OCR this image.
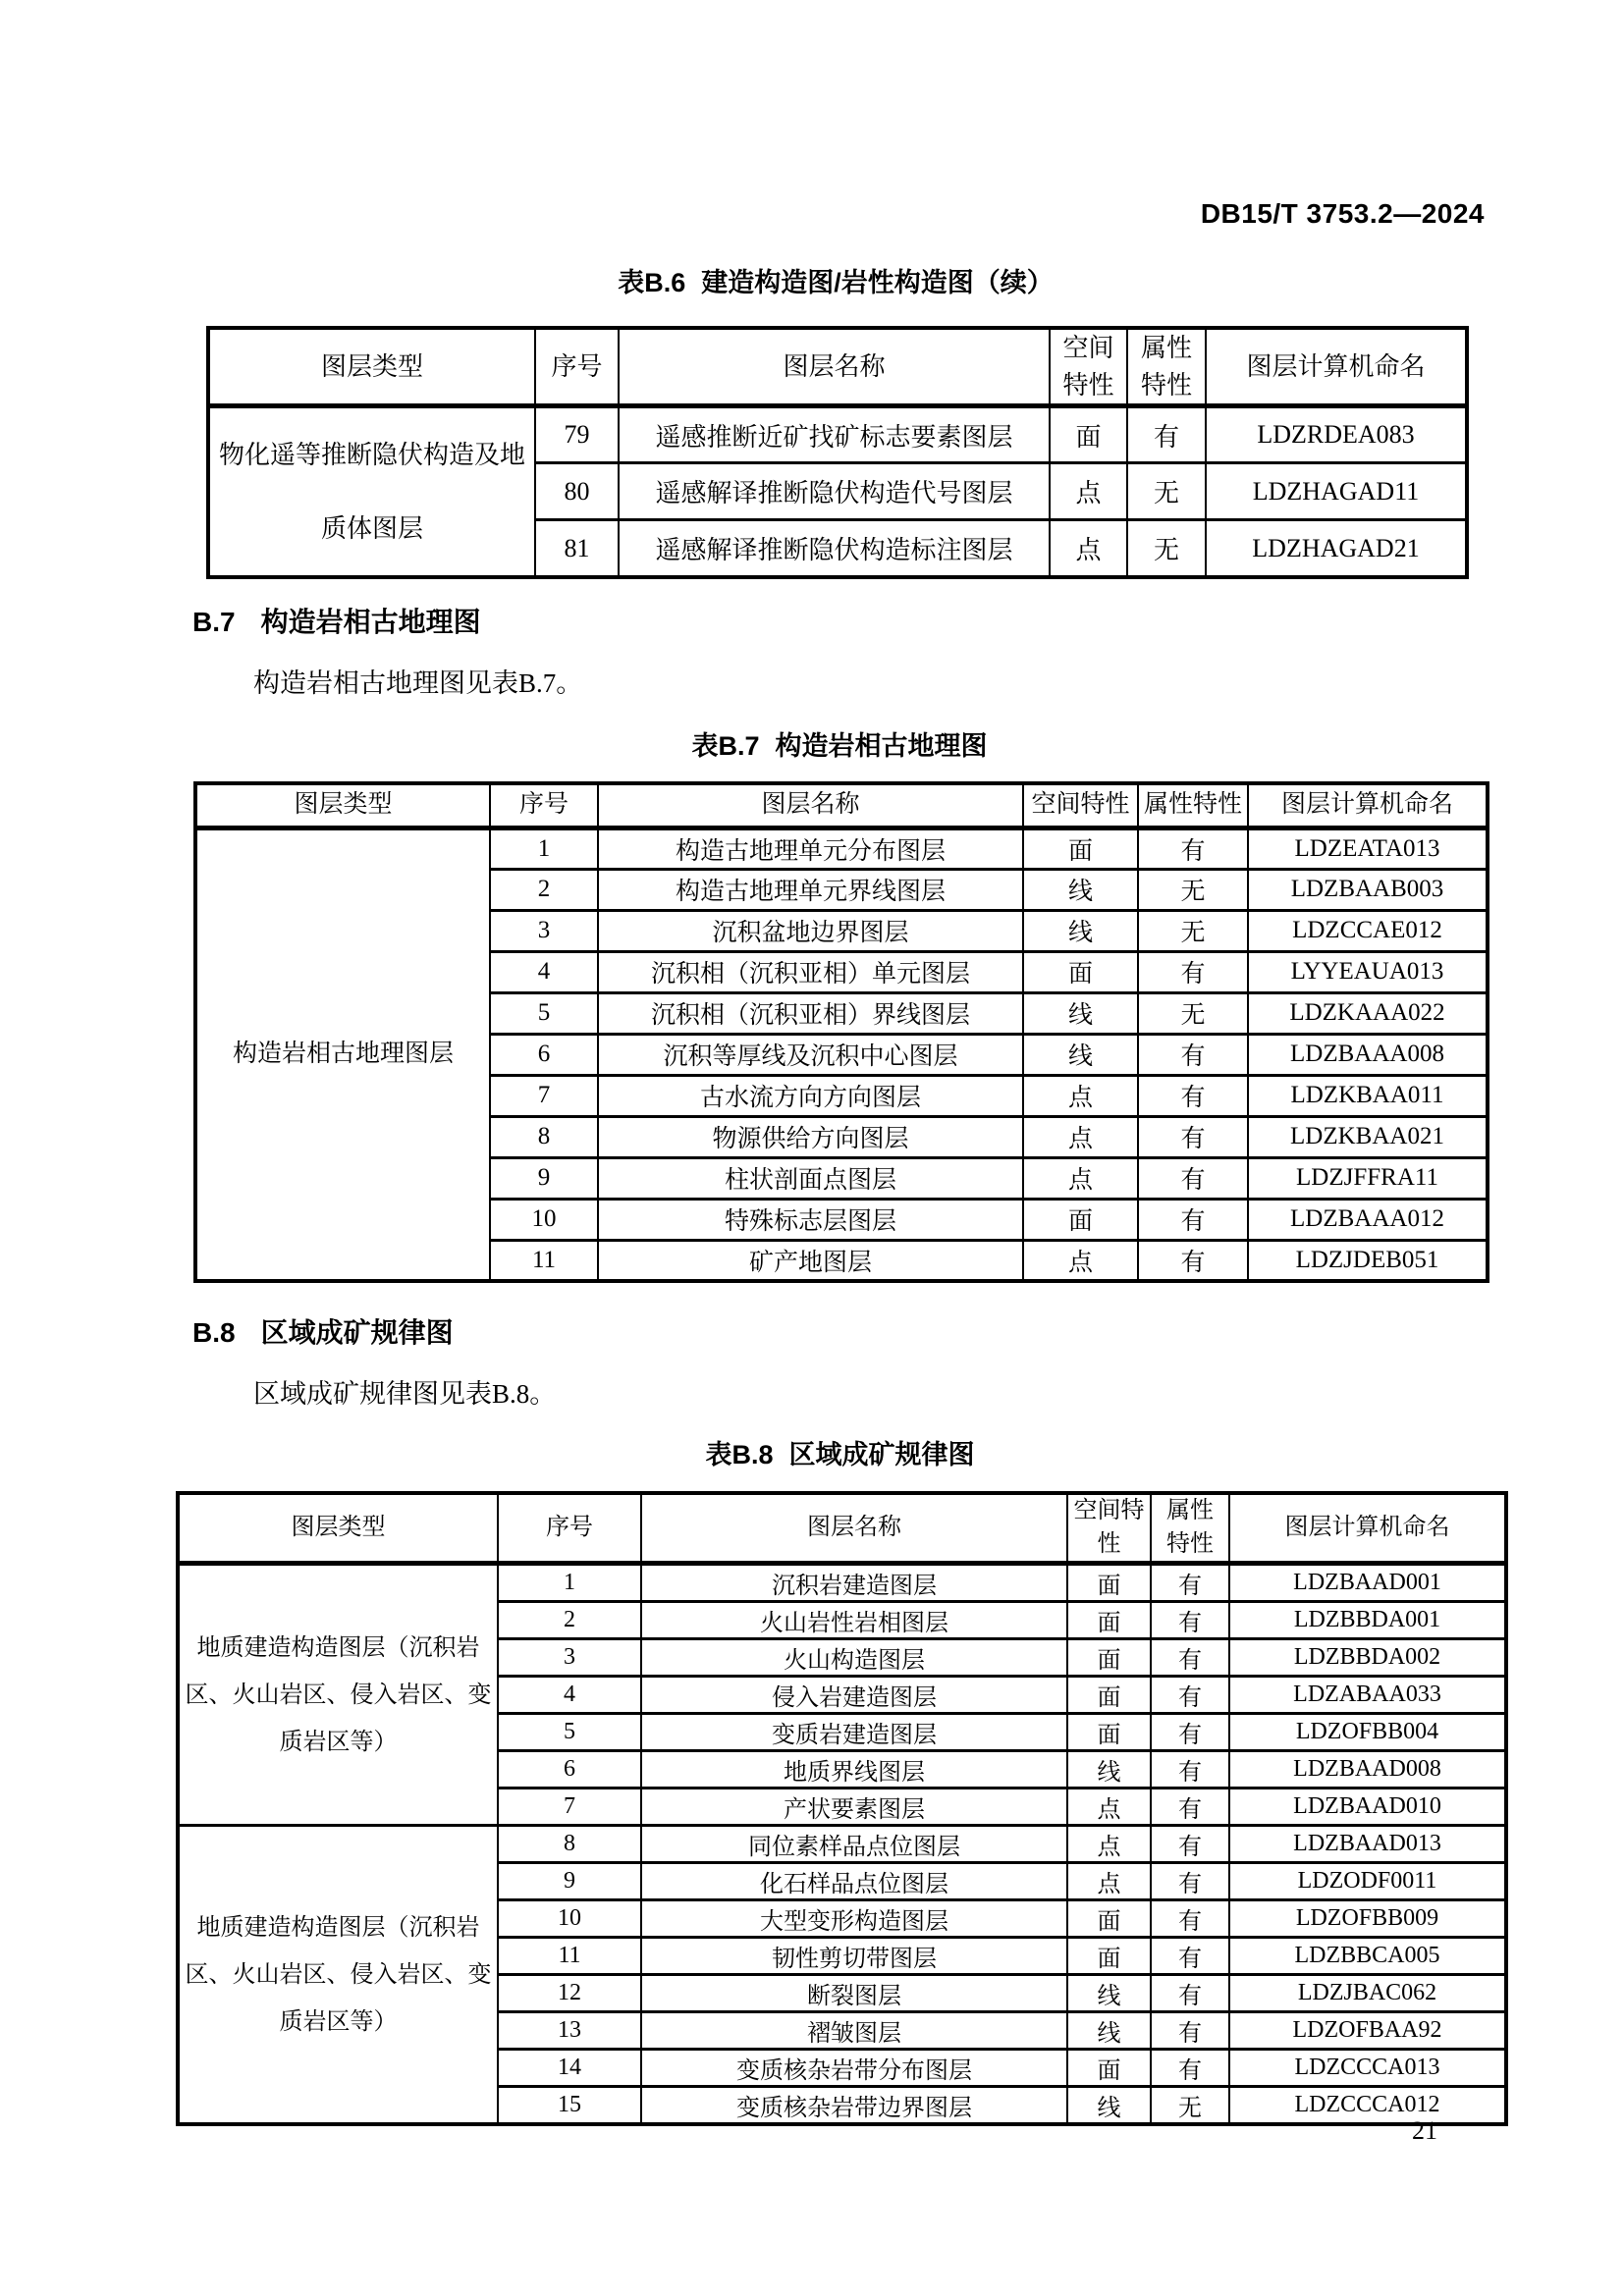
DB15/T 3753.2—2024
表B.6 建造构造图/岩性构造图（续）
图层类型	序号	图层名称	空间特性	属性特性	图层计算机命名
物化遥等推断隐伏构造及地质体图层	79	遥感推断近矿找矿标志要素图层	面	有	LDZRDEA083
	80	遥感解译推断隐伏构造代号图层	点	无	LDZHAGAD11
	81	遥感解译推断隐伏构造标注图层	点	无	LDZHAGAD21
B.7 构造岩相古地理图
构造岩相古地理图见表B.7。
表B.7 构造岩相古地理图
图层类型	序号	图层名称	空间特性	属性特性	图层计算机命名
构造岩相古地理图层	1	构造古地理单元分布图层	面	有	LDZEATA013
	2	构造古地理单元界线图层	线	无	LDZBAAB003
	3	沉积盆地边界图层	线	无	LDZCCAE012
	4	沉积相（沉积亚相）单元图层	面	有	LYYEAUA013
	5	沉积相（沉积亚相）界线图层	线	无	LDZKAAA022
	6	沉积等厚线及沉积中心图层	线	有	LDZBAAA008
	7	古水流方向方向图层	点	有	LDZKBAA011
	8	物源供给方向图层	点	有	LDZKBAA021
	9	柱状剖面点图层	点	有	LDZJFFRA11
	10	特殊标志层图层	面	有	LDZBAAA012
	11	矿产地图层	点	有	LDZJDEB051
B.8 区域成矿规律图
区域成矿规律图见表B.8。
表B.8 区域成矿规律图
图层类型	序号	图层名称	空间特性	属性特性	图层计算机命名
地质建造构造图层（沉积岩区、火山岩区、侵入岩区、变质岩区等）	1	沉积岩建造图层	面	有	LDZBAAD001
	2	火山岩性岩相图层	面	有	LDZBBDA001
	3	火山构造图层	面	有	LDZBBDA002
	4	侵入岩建造图层	面	有	LDZABAA033
	5	变质岩建造图层	面	有	LDZOFBB004
	6	地质界线图层	线	有	LDZBAAD008
	7	产状要素图层	点	有	LDZBAAD010
地质建造构造图层（沉积岩区、火山岩区、侵入岩区、变质岩区等）	8	同位素样品点位图层	点	有	LDZBAAD013
	9	化石样品点位图层	点	有	LDZODF0011
	10	大型变形构造图层	面	有	LDZOFBB009
	11	韧性剪切带图层	面	有	LDZBBCA005
	12	断裂图层	线	有	LDZJBAC062
	13	褶皱图层	线	有	LDZOFBAA92
	14	变质核杂岩带分布图层	面	有	LDZCCCA013
	15	变质核杂岩带边界图层	线	无	LDZCCCA012
21
